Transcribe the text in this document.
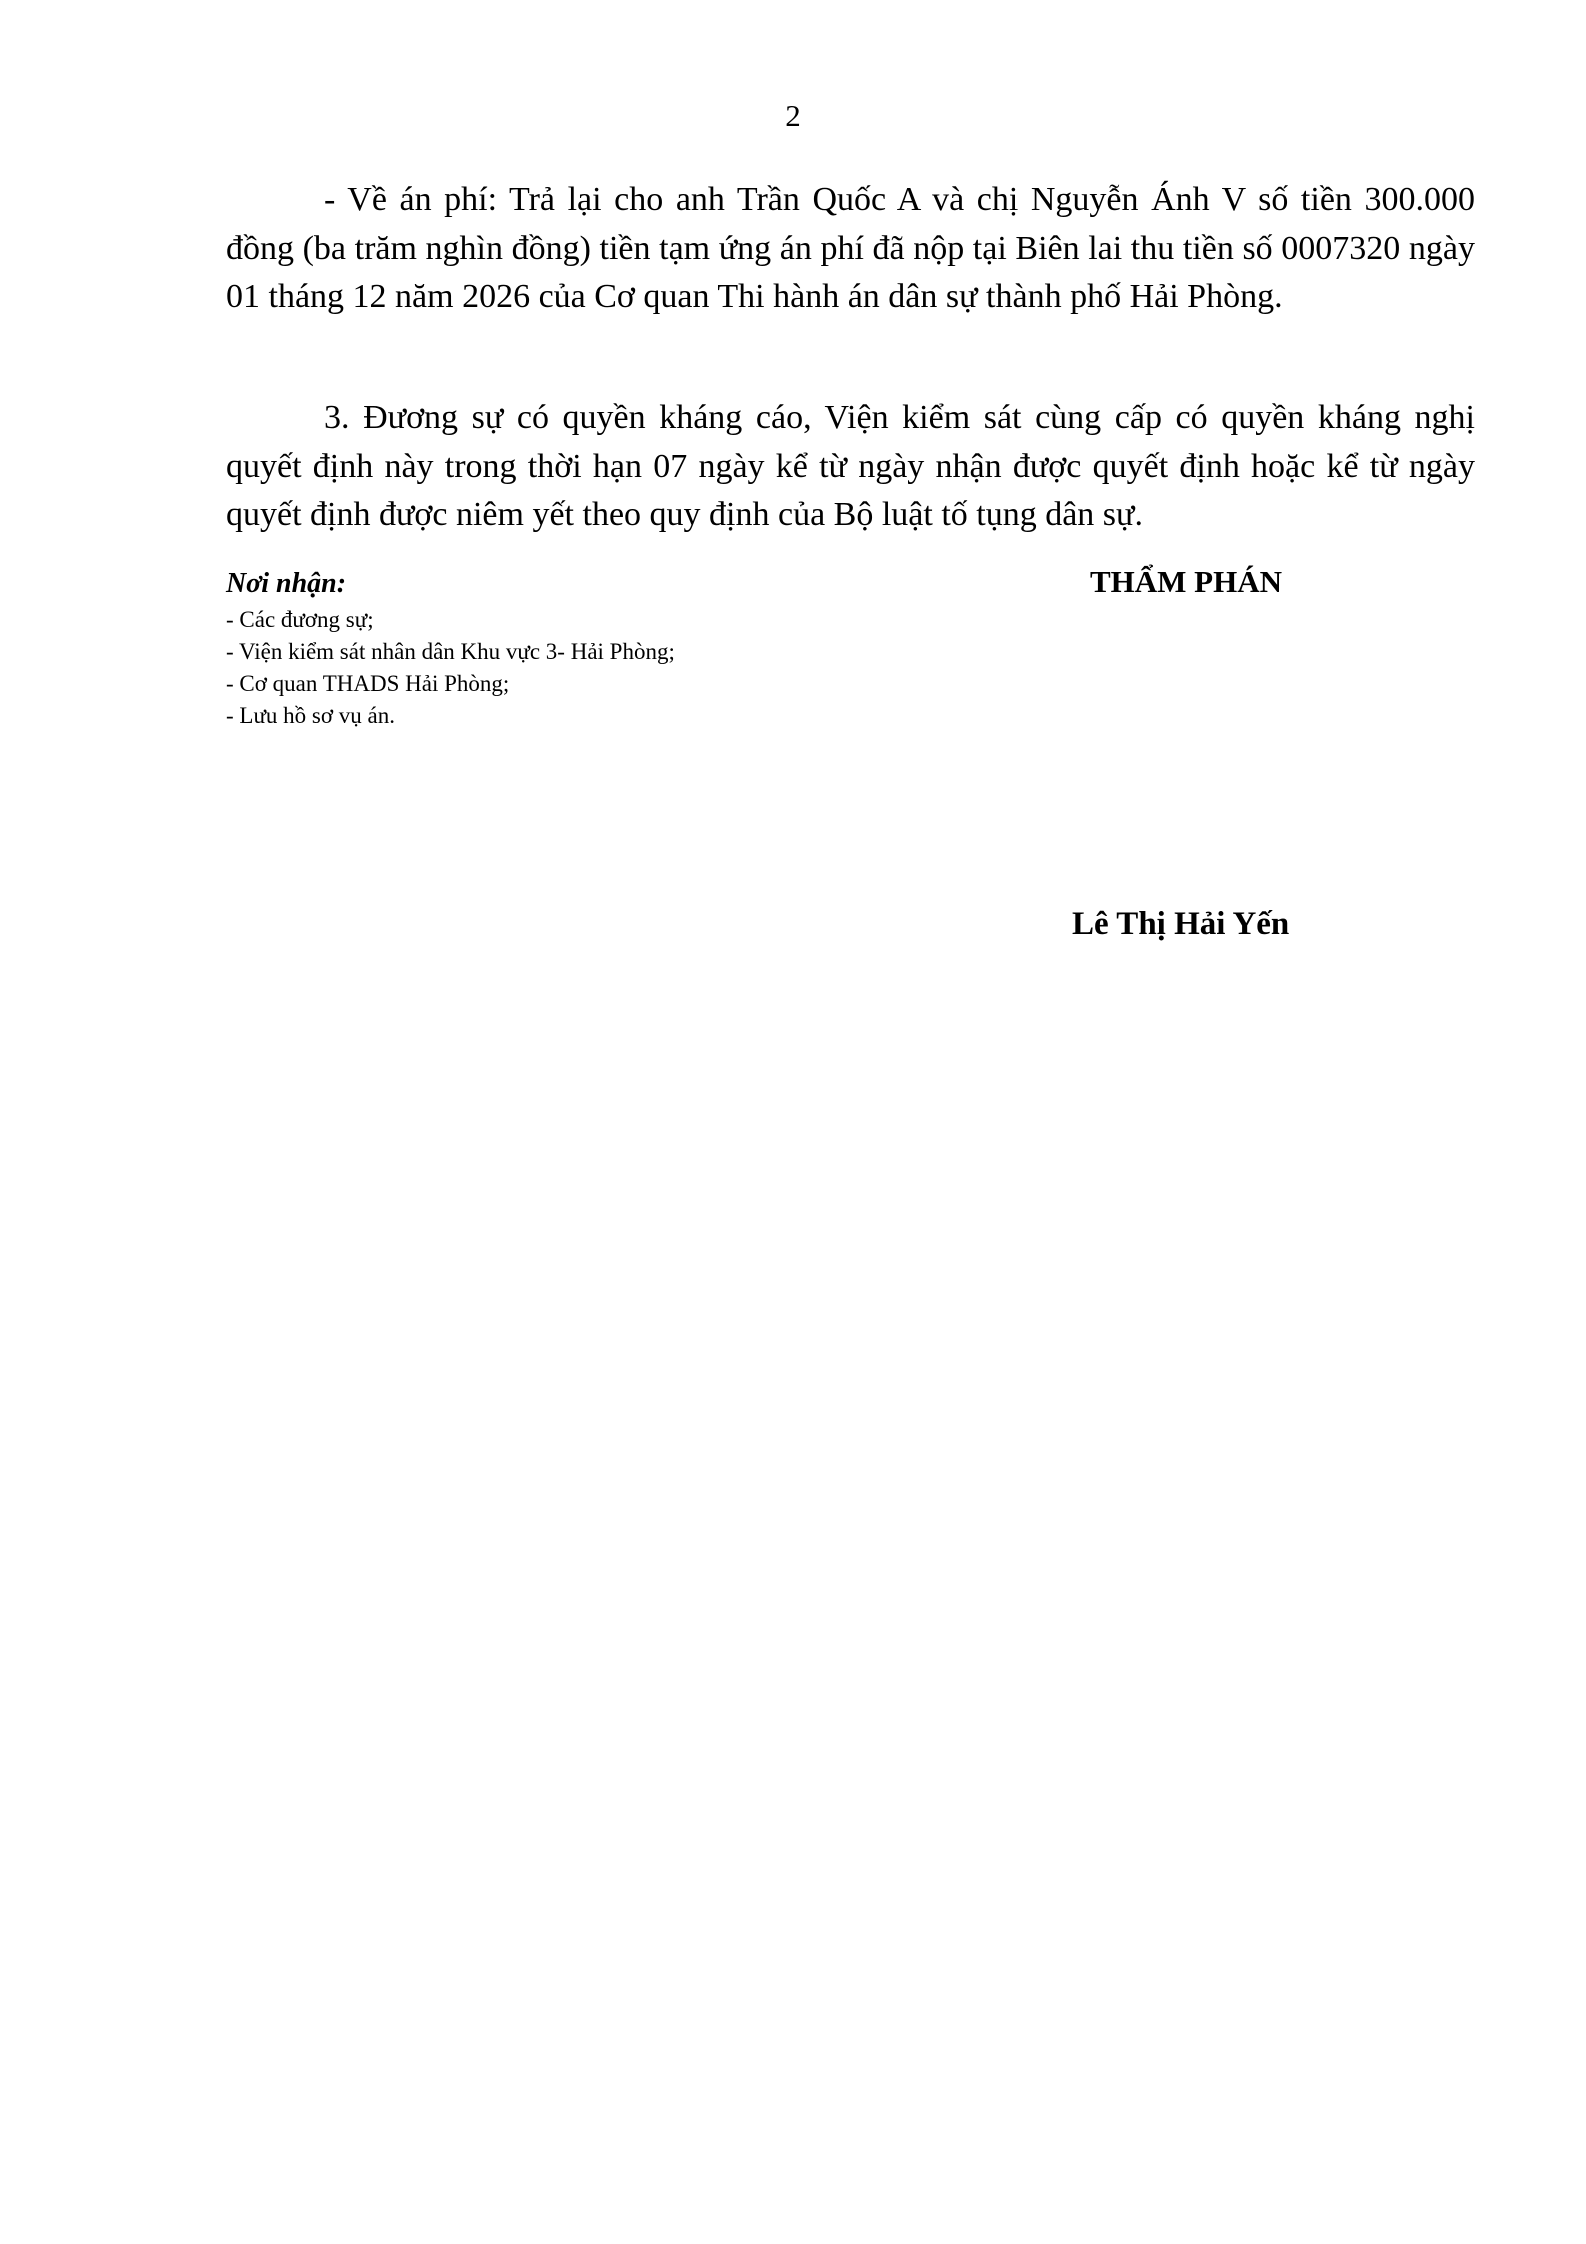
2

- Về án phí: Trả lại cho anh Trần Quốc A và chị Nguyễn Ánh V số tiền 300.000 đồng (ba trăm nghìn đồng) tiền tạm ứng án phí đã nộp tại Biên lai thu tiền số 0007320 ngày 01 tháng 12 năm 2026 của Cơ quan Thi hành án dân sự thành phố Hải Phòng.

3. Đương sự có quyền kháng cáo, Viện kiểm sát cùng cấp có quyền kháng nghị quyết định này trong thời hạn 07 ngày kể từ ngày nhận được quyết định hoặc kể từ ngày quyết định được niêm yết theo quy định của Bộ luật tố tụng dân sự.

Nơi nhận:

- Các đương sự;
- Viện kiểm sát nhân dân Khu vực 3- Hải Phòng;
- Cơ quan THADS Hải Phòng;
- Lưu hồ sơ vụ án.
THẨM PHÁN
Lê Thị Hải Yến
